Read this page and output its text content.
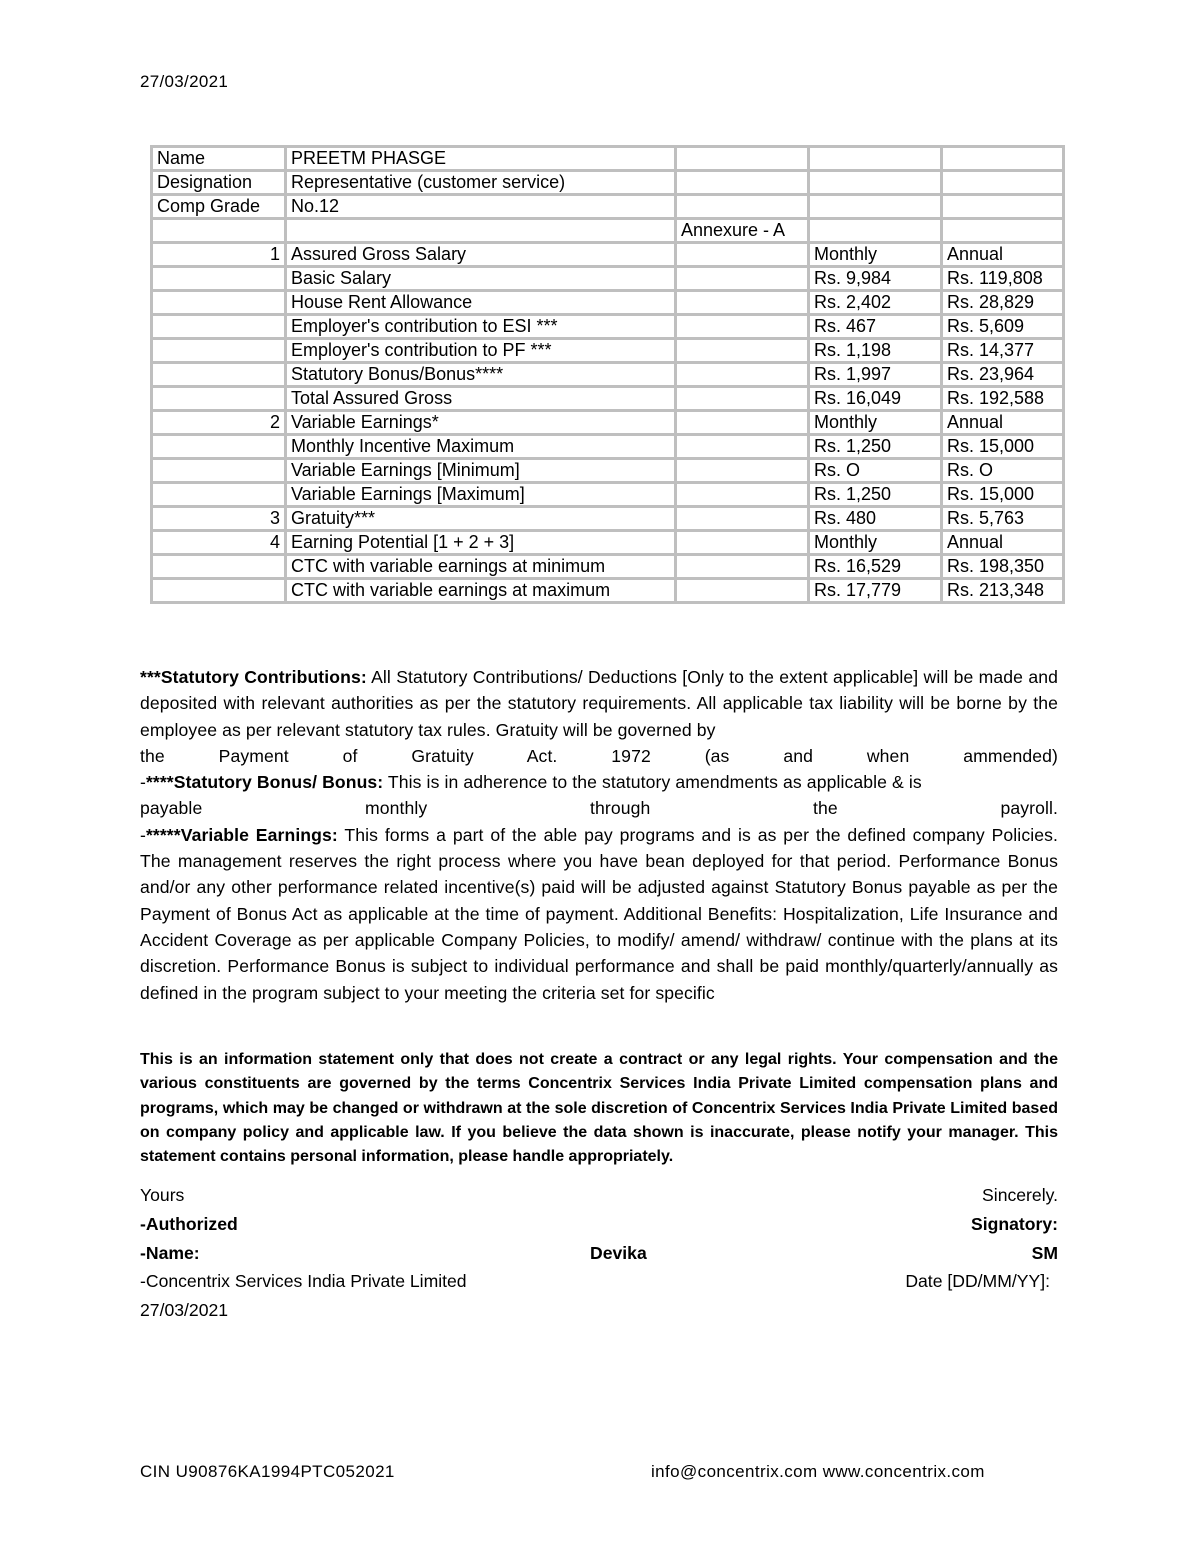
27/03/2021
Name	PREETM PHASGE			
Designation	Representative (customer service)			
Comp Grade	No.12			
		Annexure - A		
1	Assured Gross Salary		Monthly	Annual
	Basic Salary		Rs. 9,984	Rs. 119,808
	House Rent Allowance		Rs. 2,402	Rs. 28,829
	Employer's contribution to ESI ***		Rs. 467	Rs. 5,609
	Employer's contribution to PF ***		Rs. 1,198	Rs. 14,377
	Statutory Bonus/Bonus****		Rs. 1,997	Rs. 23,964
	Total Assured Gross		Rs. 16,049	Rs. 192,588
2	Variable Earnings*		Monthly	Annual
	Monthly Incentive Maximum		Rs. 1,250	Rs. 15,000
	Variable Earnings [Minimum]		Rs. O	Rs. O
	Variable Earnings [Maximum]		Rs. 1,250	Rs. 15,000
3	Gratuity***		Rs. 480	Rs. 5,763
4	Earning Potential [1 + 2 + 3]		Monthly	Annual
	CTC with variable earnings at minimum		Rs. 16,529	Rs. 198,350
	CTC with variable earnings at maximum		Rs. 17,779	Rs. 213,348

***Statutory Contributions: All Statutory Contributions/ Deductions [Only to the extent applicable] will be made and deposited with relevant authorities as per the statutory requirements. All applicable tax liability will be borne by the employee as per relevant statutory tax rules. Gratuity will be governed by

the Payment of Gratuity Act. 1972 (as and when ammended)

-****Statutory Bonus/ Bonus: This is in adherence to the statutory amendments as applicable & is

payable monthly through the payroll.

-*****Variable Earnings: This forms a part of the able pay programs and is as per the defined company Policies. The management reserves the right process where you have bean deployed for that period. Performance Bonus and/or any other performance related incentive(s) paid will be adjusted against Statutory Bonus payable as per the Payment of Bonus Act as applicable at the time of payment. Additional Benefits: Hospitalization, Life Insurance and Accident Coverage as per applicable Company Policies, to modify/ amend/ withdraw/ continue with the plans at its discretion. Performance Bonus is subject to individual performance and shall be paid monthly/quarterly/annually as defined in the program subject to your meeting the criteria set for specific

This is an information statement only that does not create a contract or any legal rights. Your compensation and the various constituents are governed by the terms Concentrix Services India Private Limited compensation plans and programs, which may be changed or withdrawn at the sole discretion of Concentrix Services India Private Limited based on company policy and applicable law. If you believe the data shown is inaccurate, please notify your manager. This statement contains personal information, please handle appropriately.
Yours	Sincerely.
-Authorized	Signatory:
-Name:	Devika	SM
-Concentrix Services India Private Limited	Date [DD/MM/YY]:
27/03/2021
CIN U90876KA1994PTC052021	info@concentrix.com www.concentrix.com
